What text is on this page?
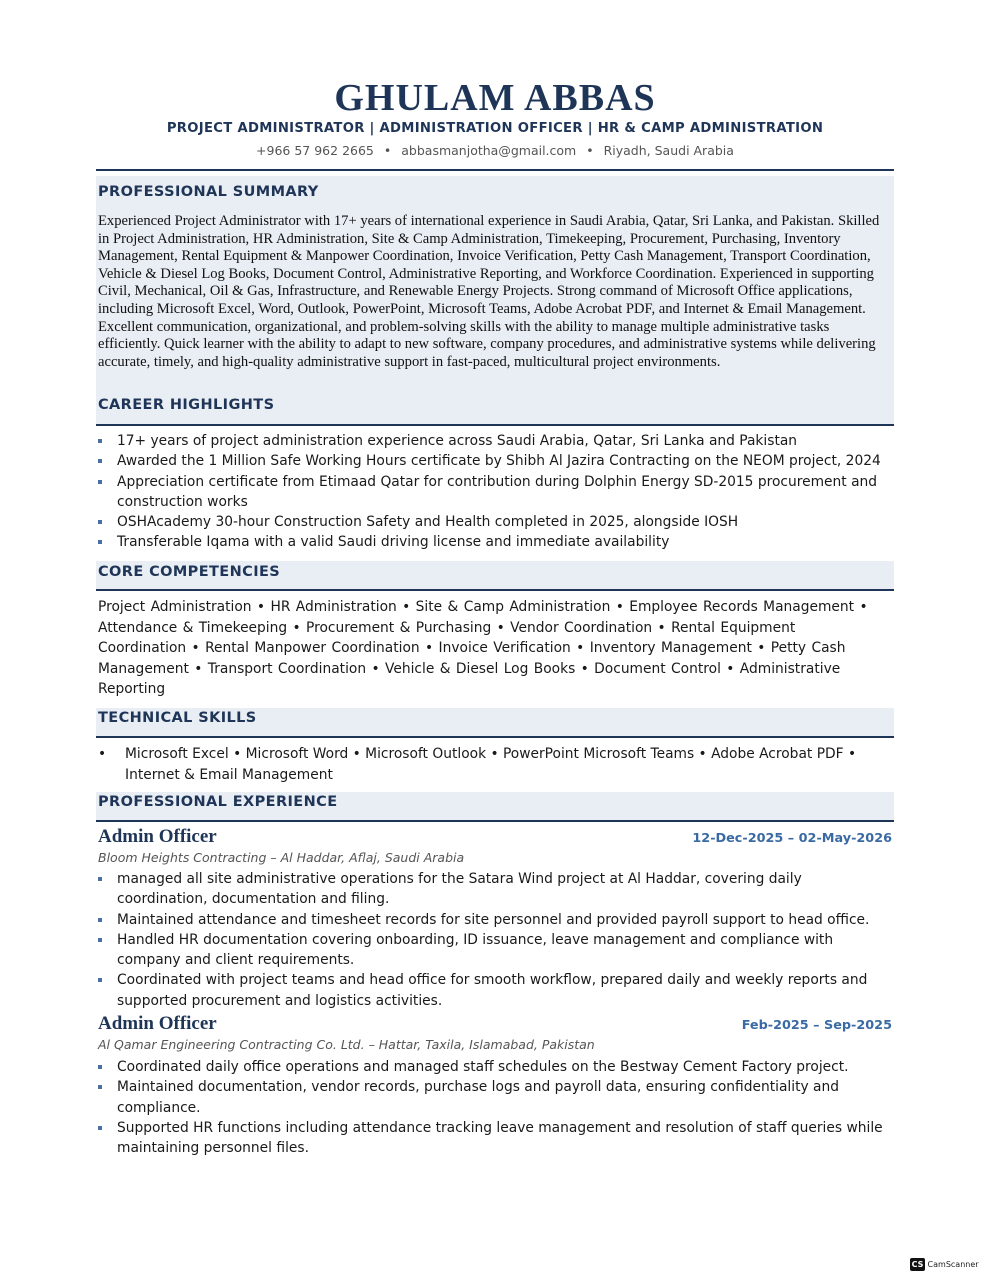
GHULAM ABBAS
PROJECT ADMINISTRATOR | ADMINISTRATION OFFICER | HR & CAMP ADMINISTRATION
+966 57 962 2665 • abbasmanjotha@gmail.com • Riyadh, Saudi Arabia
PROFESSIONAL SUMMARY
Experienced Project Administrator with 17+ years of international experience in Saudi Arabia, Qatar, Sri Lanka, and Pakistan. Skilled in Project Administration, HR Administration, Site & Camp Administration, Timekeeping, Procurement, Purchasing, Inventory Management, Rental Equipment & Manpower Coordination, Invoice Verification, Petty Cash Management, Transport Coordination, Vehicle & Diesel Log Books, Document Control, Administrative Reporting, and Workforce Coordination. Experienced in supporting Civil, Mechanical, Oil & Gas, Infrastructure, and Renewable Energy Projects. Strong command of Microsoft Office applications, including Microsoft Excel, Word, Outlook, PowerPoint, Microsoft Teams, Adobe Acrobat PDF, and Internet & Email Management. Excellent communication, organizational, and problem-solving skills with the ability to manage multiple administrative tasks efficiently. Quick learner with the ability to adapt to new software, company procedures, and administrative systems while delivering accurate, timely, and high-quality administrative support in fast-paced, multicultural project environments.
CAREER HIGHLIGHTS
17+ years of project administration experience across Saudi Arabia, Qatar, Sri Lanka and Pakistan
Awarded the 1 Million Safe Working Hours certificate by Shibh Al Jazira Contracting on the NEOM project, 2024
Appreciation certificate from Etimaad Qatar for contribution during Dolphin Energy SD-2015 procurement and construction works
OSHAcademy 30-hour Construction Safety and Health completed in 2025, alongside IOSH
Transferable Iqama with a valid Saudi driving license and immediate availability
CORE COMPETENCIES
Project Administration • HR Administration • Site & Camp Administration • Employee Records Management • Attendance & Timekeeping • Procurement & Purchasing • Vendor Coordination • Rental Equipment Coordination • Rental Manpower Coordination • Invoice Verification • Inventory Management • Petty Cash Management • Transport Coordination • Vehicle & Diesel Log Books • Document Control • Administrative Reporting
TECHNICAL SKILLS
•	Microsoft Excel • Microsoft Word • Microsoft Outlook • PowerPoint Microsoft Teams • Adobe Acrobat PDF • Internet & Email Management
PROFESSIONAL EXPERIENCE
Admin Officer	12-Dec-2025 – 02-May-2026
Bloom Heights Contracting – Al Haddar, Aflaj, Saudi Arabia
managed all site administrative operations for the Satara Wind project at Al Haddar, covering daily coordination, documentation and filing.
Maintained attendance and timesheet records for site personnel and provided payroll support to head office.
Handled HR documentation covering onboarding, ID issuance, leave management and compliance with company and client requirements.
Coordinated with project teams and head office for smooth workflow, prepared daily and weekly reports and supported procurement and logistics activities.
Admin Officer	Feb-2025 – Sep-2025
Al Qamar Engineering Contracting Co. Ltd. – Hattar, Taxila, Islamabad, Pakistan
Coordinated daily office operations and managed staff schedules on the Bestway Cement Factory project.
Maintained documentation, vendor records, purchase logs and payroll data, ensuring confidentiality and compliance.
Supported HR functions including attendance tracking leave management and resolution of staff queries while maintaining personnel files.
CS CamScanner
